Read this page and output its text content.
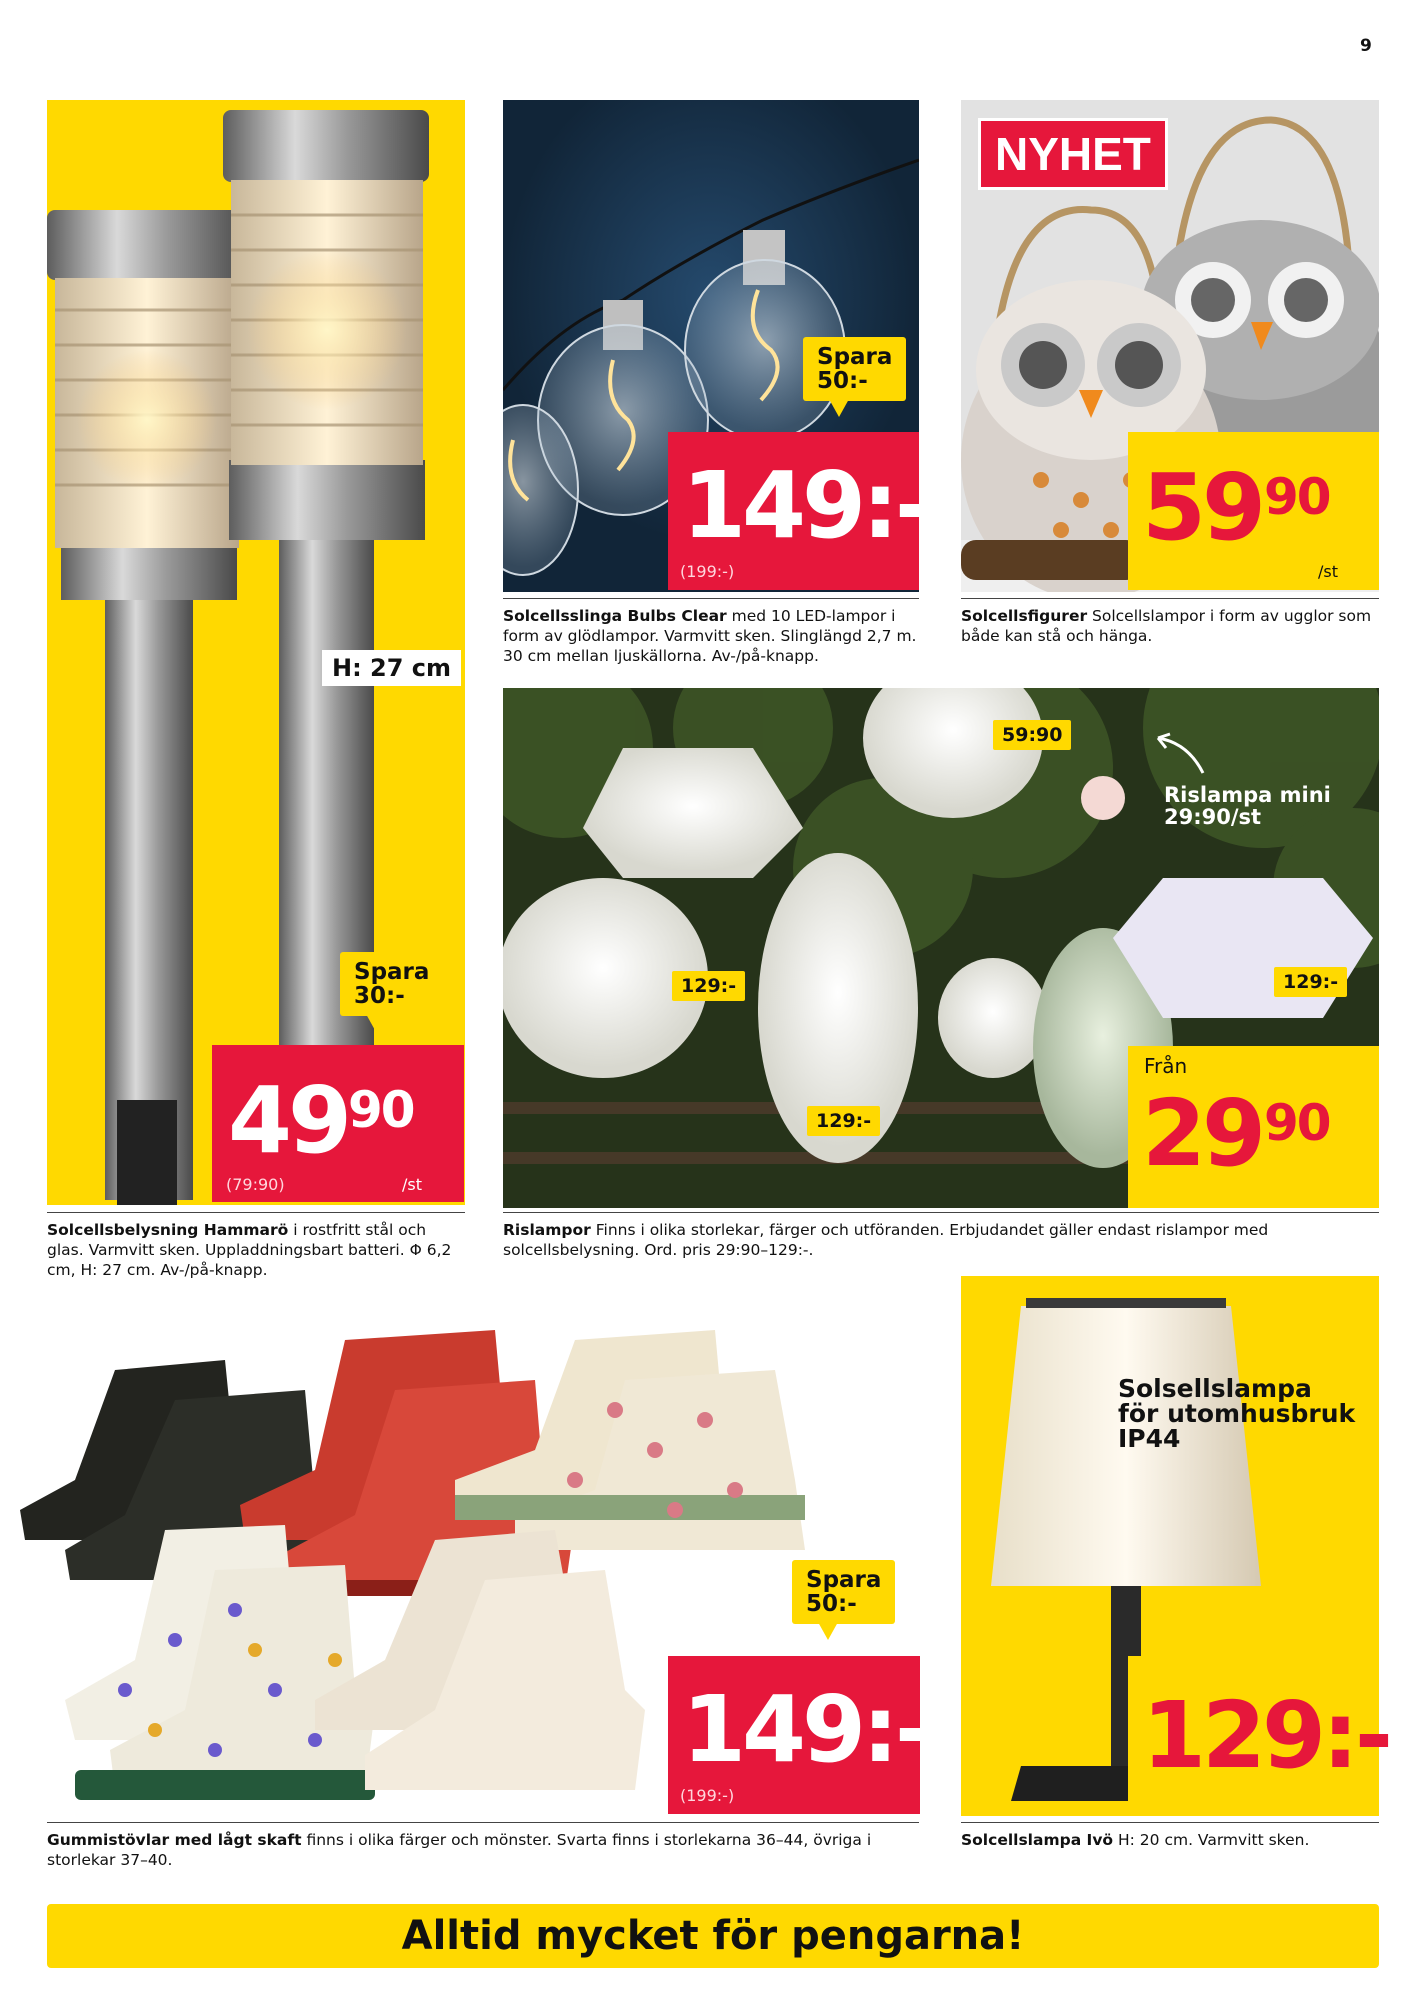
9
H: 27 cm
Spara
30:-
49 90
(79:90)	/st

Solcellsbelysning Hammarö i rostfritt stål och glas. Varmvitt sken. Uppladdningsbart batteri. Φ 6,2 cm, H: 27 cm. Av-/på-knapp.

Spara
50:-
149:-
(199:-)

Solcellsslinga Bulbs Clear med 10 LED-lampor i form av glödlampor. Varmvitt sken. Slinglängd 2,7 m. 30 cm mellan ljuskällorna. Av-/på-knapp.

NYHET
59 90
/st

Solcellsfigurer Solcellslampor i form av ugglor som både kan stå och hänga.

59:90
Rislampa mini
29:90/st
129:-	129:-
129:-
Från
29 90

Rislampor Finns i olika storlekar, färger och utföranden. Erbjudandet gäller endast rislampor med solcellsbelysning. Ord. pris 29:90–129:-.

Spara
50:-
149:-
(199:-)

Gummistövlar med lågt skaft finns i olika färger och mönster. Svarta finns i storlekarna 36–44, övriga i storlekar 37–40.

Solsellslampa
för utomhusbruk
IP44
129:-

Solcellslampa Ivö H: 20 cm. Varmvitt sken.

Alltid mycket för pengarna!
